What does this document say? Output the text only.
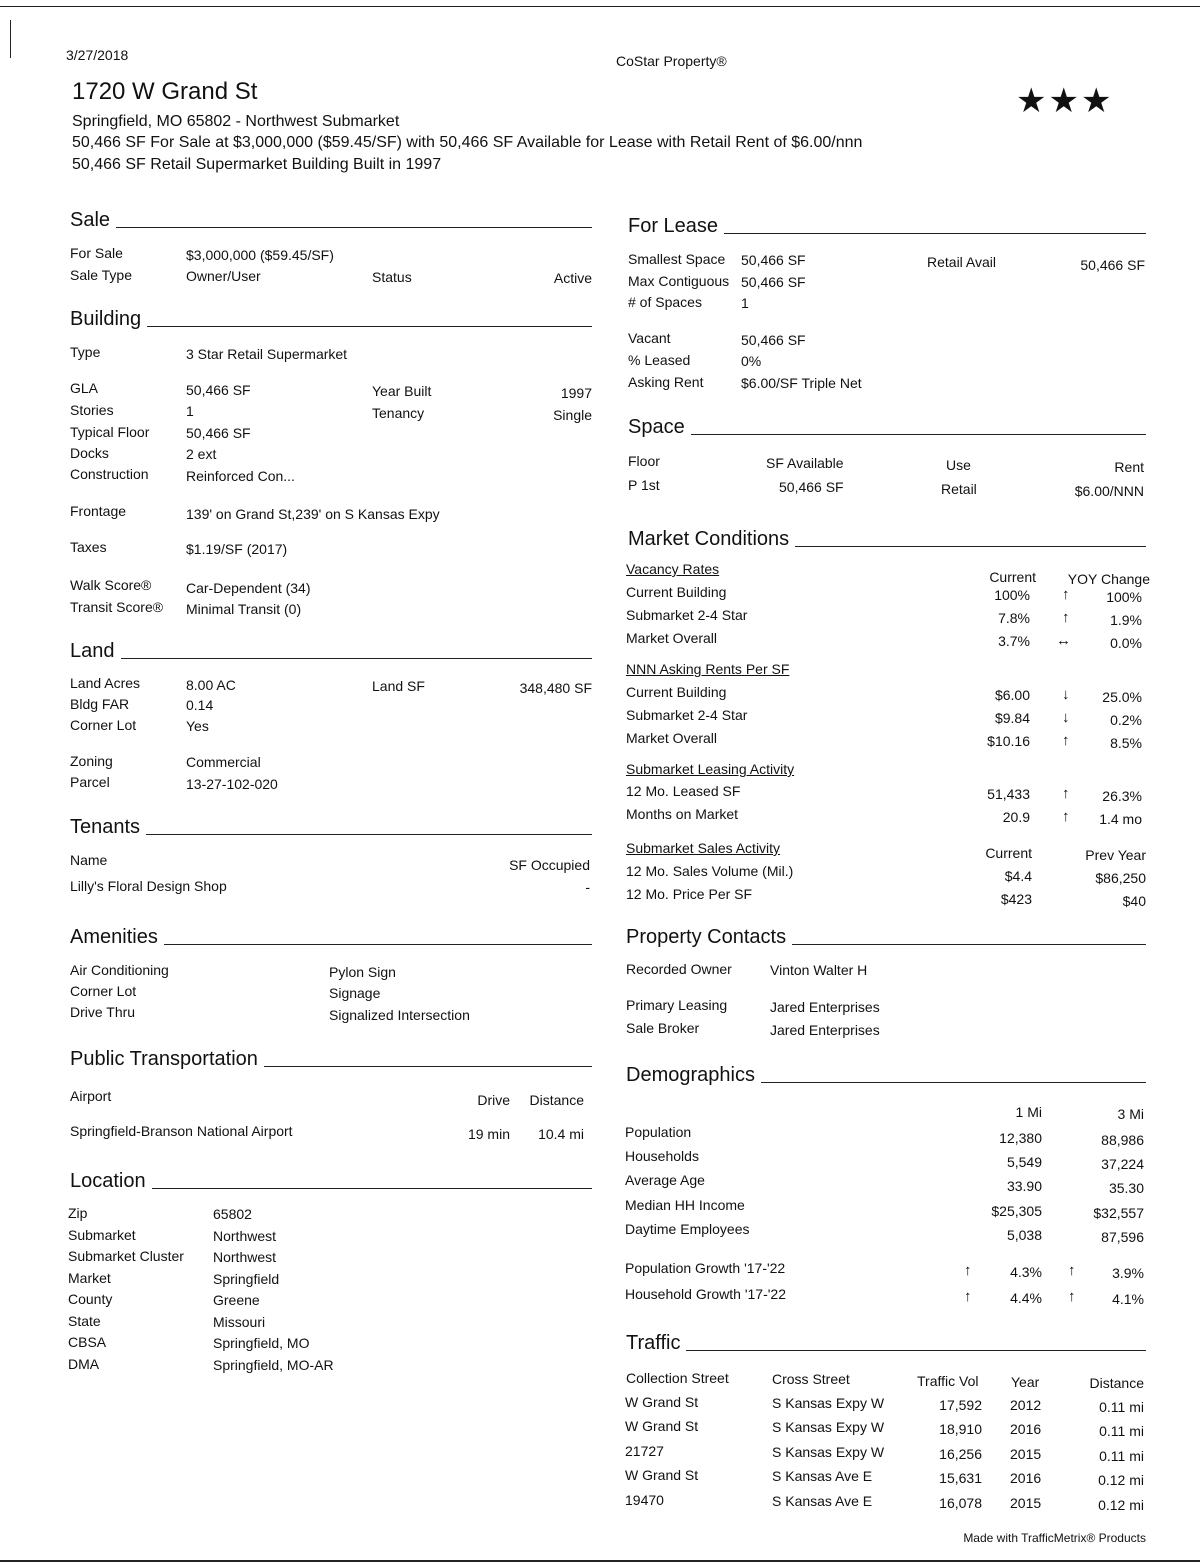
3/27/2018	CoStar Property®
1720 W Grand St
Springfield, MO 65802 - Northwest Submarket
50,466 SF For Sale at $3,000,000 ($59.45/SF) with 50,466 SF Available for Lease with Retail Rent of $6.00/nnn
50,466 SF Retail Supermarket Building Built in 1997
★★★
Sale
For Sale	$3,000,000 ($59.45/SF)
Sale Type	Owner/User	Status	Active
Building
Type	3 Star Retail Supermarket
GLA	50,466 SF	Year Built	1997
Stories	1	Tenancy	Single
Typical Floor	50,466 SF
Docks	2 ext
Construction	Reinforced Con...
Frontage	139' on Grand St,239' on S Kansas Expy
Taxes	$1.19/SF (2017)
Walk Score® Car-Dependent (34)
Transit Score® Minimal Transit (0)
Land
Land Acres	8.00 AC	Land SF	348,480 SF
Bldg FAR	0.14
Corner Lot	Yes
Zoning	Commercial
Parcel	13-27-102-020
Tenants
Name	SF Occupied
Lilly's Floral Design Shop	-
Amenities
Air Conditioning
Corner Lot
Drive Thru
Pylon Sign
Signage
Signalized Intersection
Public Transportation
Airport	Drive	Distance
Springfield-Branson National Airport	19 min	10.4 mi
Location
Zip	65802
Submarket	Northwest
Submarket Cluster Northwest
Market	Springfield
County	Greene
State	Missouri
CBSA	Springfield, MO
DMA	Springfield, MO-AR
For Lease
Smallest Space 50,466 SF	Retail Avail	50,466 SF
Max Contiguous 50,466 SF
# of Spaces	1
Vacant	50,466 SF
% Leased	0%
Asking Rent	$6.00/SF Triple Net
Space
Floor	SF Available	Use	Rent
P 1st	50,466 SF	Retail	$6.00/NNN
Market Conditions
Vacancy Rates	Current	YOY Change
Current Building	100% ↑	100%
Submarket 2-4 Star	7.8% ↑	1.9%
Market Overall	3.7% ↔	0.0%
NNN Asking Rents Per SF
Current Building	$6.00 ↓	25.0%
Submarket 2-4 Star	$9.84 ↓	0.2%
Market Overall	$10.16 ↑	8.5%
Submarket Leasing Activity
12 Mo. Leased SF	51,433 ↑	26.3%
Months on Market	20.9 ↑	1.4 mo
Submarket Sales Activity	Current	Prev Year
12 Mo. Sales Volume (Mil.)	$4.4	$86,250
12 Mo. Price Per SF	$423	$40
Property Contacts
Recorded Owner	Vinton Walter H
Primary Leasing	Jared Enterprises
Sale Broker	Jared Enterprises
Demographics
1 Mi	3 Mi
Population	12,380	88,986
Households	5,549	37,224
Average Age	33.90	35.30
Median HH Income	$25,305	$32,557
Daytime Employees	5,038	87,596
Population Growth '17-'22	↑	4.3% ↑	3.9%
Household Growth '17-'22	↑	4.4% ↑	4.1%
Traffic
Collection Street	Cross Street	Traffic Vol Year	Distance
W Grand St	S Kansas Expy W	17,592 2012	0.11 mi
W Grand St	S Kansas Expy W	18,910 2016	0.11 mi
21727	S Kansas Expy W	16,256 2015	0.11 mi
W Grand St	S Kansas Ave E	15,631 2016	0.12 mi
19470	S Kansas Ave E	16,078 2015	0.12 mi
Made with TrafficMetrix® Products
